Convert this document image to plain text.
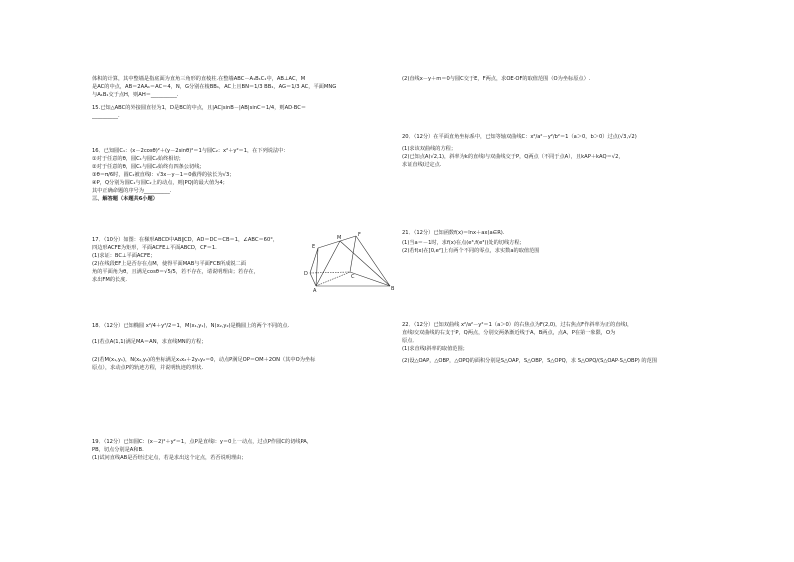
体积的计算，其中整墙是指底面为直角三角形的直棱柱.在整墙ABC－A₁B₁C₁中，AB⊥AC，M
是AC的中点，AB＝2AA₁＝AC＝4，N，G分别在棱BB₁，AC上且BN＝1/3 BB₁，AG＝1/3 AC，平面MNG
与A₁B₁交于点H，则AH＝__________.
15.已知△ABC的外接圆直径为1，D是BC的中点，且|AC|sinB－|AB|sinC＝1/4，则AD·BC＝
__________.
16．已知圆C₁：(x－2cosθ)²＋(y－2sinθ)²＝1与圆C₂：x²＋y²＝1，在下列说法中：
①对于任意的θ，圆C₁与圆C₂始终相切；
②对于任意的θ，圆C₁与圆C₂始终有四条公切线；
③θ＝π/6时，圆C₁被直线l：√3x－y－1＝0截得的弦长为√3；
④P，Q分别为圆C₁与圆C₂上的动点，则|PQ|的最大值为4；
其中正确命题的序号为__________.
三、解答题（本题共6小题）
17．（10分）如图：在梯形ABCD中AB∥CD，AD＝DC＝CB＝1，∠ABC＝60°，
四边形ACFE为矩形，平面ACFE⊥平面ABCD，CF＝1.
(1)求证：BC⊥平面ACFE；
(2)在线段EF上是否存在点M，使得平面MAB与平面FCB所成锐二面
角的平面角为θ，且满足cosθ＝√5/5，若不存在，请说明理由；若存在，
求出FM的长度.
18．（12分）已知椭圆 x²/4＋y²/2＝1，M(x₁,y₁)，N(x₂,y₂)是椭圆上的两个不同的点.
(1)若点A(1,1)满足MA＝AN，求直线MN的方程；
(2)若M(x₁,y₁)，N(x₂,y₂)的坐标满足x₁x₂＋2y₁y₂＝0，动点P满足OP＝OM＋2ON（其中O为坐标
原点），求动点P的轨迹方程，并说明轨迹的形状.
19．（12分）已知圆C：(x－2)²＋y²＝1，点P是直线l：y＝0上一动点，过点P作圆C的切线PA，
PB，切点分别是A和B.
(1)试问直线AB是否经过定点，若是求出这个定点，若否说明理由；
E
M	F
D	C
A	B
(2)直线x－y＋m＝0与圆C交于E，F两点，求OE·OF的取值范围（O为坐标原点）.
20．（12分）在平面直角坐标系中，已知等轴双曲线C：x²/a²－y²/b²＝1（a＞0，b＞0）过点(√3,√2)
(1)求该双曲线的方程；
(2)已知点A(√2,1)，斜率为k的直线l与双曲线交于P，Q两点（不同于点A），且kAP＋kAQ＝√2，
求证直线l过定点.
21．（12分）已知函数f(x)＝lnx＋ax(a∈R).
(1)当a＝－1时，求f(x)在点(e³,f(e³))处的切线方程；
(2)若f(x)在[0,e²]上有两个不同的零点，求实数a的取值范围
22．（12分）已知双曲线 x²/a²－y²＝1（a＞0）的右焦点为F(2,0)，过右焦点F作斜率为正的直线l，
直线l交双曲线的右支于P，Q两点，分别交两条渐近线于A，B两点，点A，P在第一象限，O为
原点．
(1)求直线l斜率的取值范围；
(2)设△OAP，△OBP，△OPQ的面积分别是S△OAP，S△OBP，S△OPQ，求 S△OPQ/(S△OAP·S△OBP) 的范围
